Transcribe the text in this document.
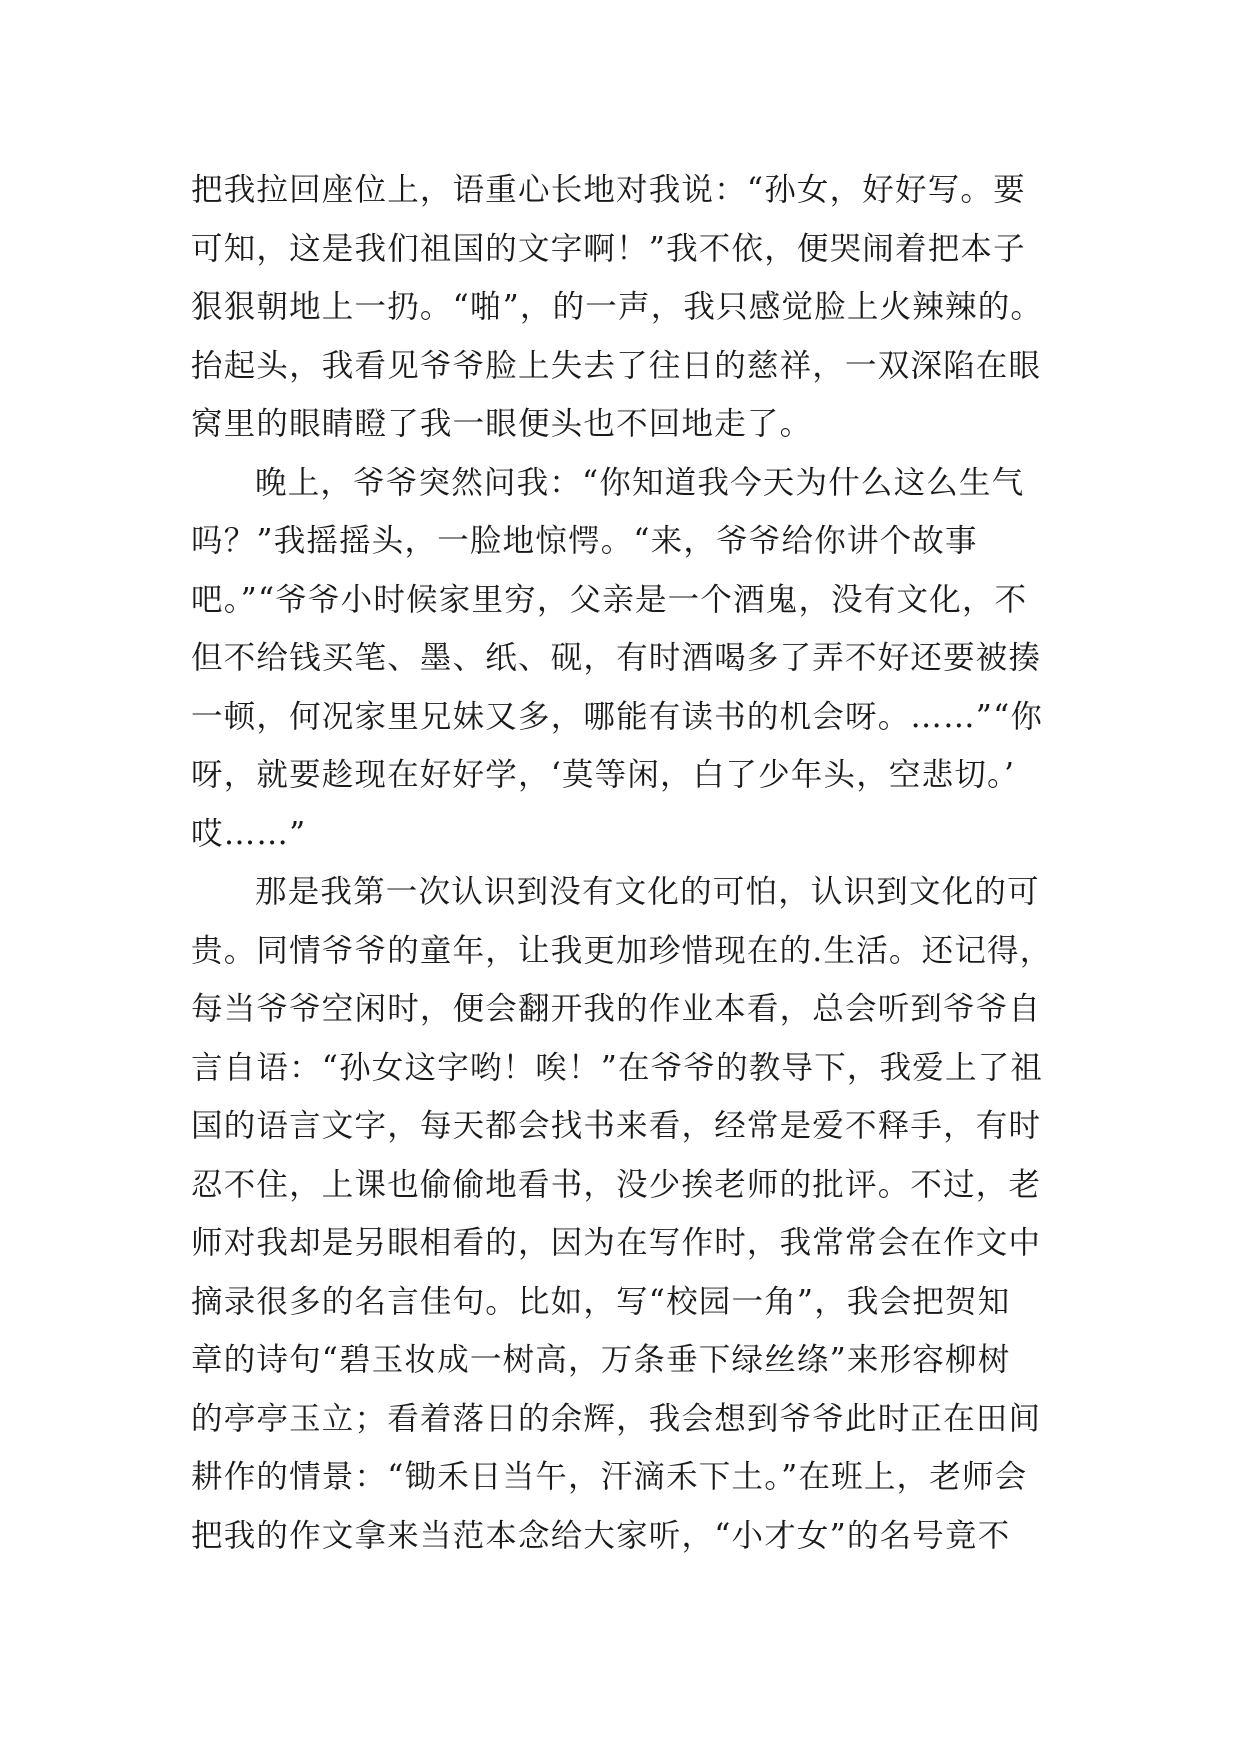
把我拉回座位上，语重心长地对我说：“孙女，好好写。要
可知，这是我们祖国的文字啊！”我不依，便哭闹着把本子
狠狠朝地上一扔。“啪”，的一声，我只感觉脸上火辣辣的。
抬起头，我看见爷爷脸上失去了往日的慈祥，一双深陷在眼
窝里的眼睛瞪了我一眼便头也不回地走了。
晚上，爷爷突然问我：“你知道我今天为什么这么生气
吗？”我摇摇头，一脸地惊愕。“来，爷爷给你讲个故事
吧。”“爷爷小时候家里穷，父亲是一个酒鬼，没有文化，不
但不给钱买笔、墨、纸、砚，有时酒喝多了弄不好还要被揍
一顿，何况家里兄妹又多，哪能有读书的机会呀。……”“你
呀，就要趁现在好好学，‘莫等闲，白了少年头，空悲切。’
哎……”
那是我第一次认识到没有文化的可怕，认识到文化的可
贵。同情爷爷的童年，让我更加珍惜现在的.生活。还记得，
每当爷爷空闲时，便会翻开我的作业本看，总会听到爷爷自
言自语：“孙女这字哟！唉！”在爷爷的教导下，我爱上了祖
国的语言文字，每天都会找书来看，经常是爱不释手，有时
忍不住，上课也偷偷地看书，没少挨老师的批评。不过，老
师对我却是另眼相看的，因为在写作时，我常常会在作文中
摘录很多的名言佳句。比如，写“校园一角”，我会把贺知
章的诗句“碧玉妆成一树高，万条垂下绿丝绦”来形容柳树
的亭亭玉立；看着落日的余辉，我会想到爷爷此时正在田间
耕作的情景：“锄禾日当午，汗滴禾下土。”在班上，老师会
把我的作文拿来当范本念给大家听，“小才女”的名号竟不
